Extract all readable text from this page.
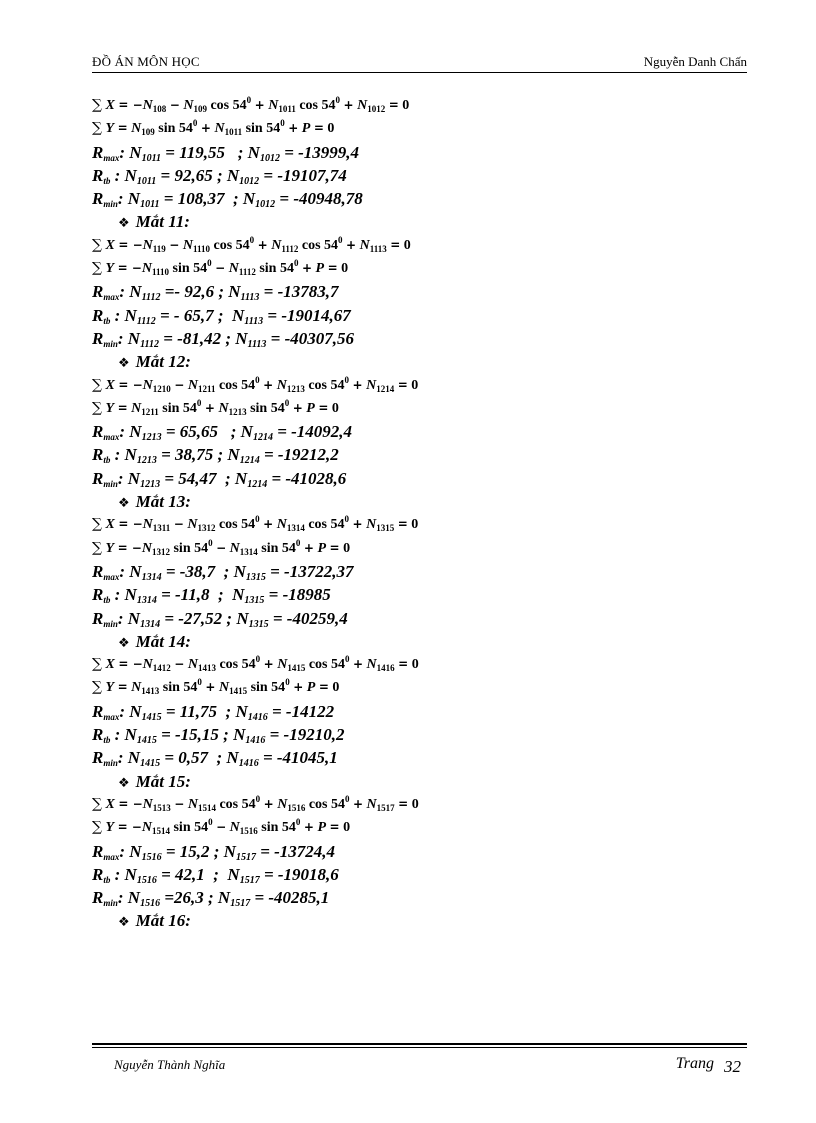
ĐỒ ÁN MÔN HỌC	Nguyễn Danh Chấn
∑ $X = -N_{108} - N_{109}$ $\cos 54^0 + N_{1011}$ $\cos 54^0 + N_{1012} = 0$
∑ $Y = N_{109}$ $\sin 54^0 + N_{1011}$ $\sin 54^0 + P = 0$
$R_{max}$: $N_{1011} = 119,55$   ; $N_{1012} = -13999,4$
$R_{tb}$ : $N_{1011} = 92,65$ ; $N_{1012} = -19107,74$
$R_{min}$: $N_{1011} = 108,37$  ; $N_{1012} = -40948,78$
❖ Mắt 11:
∑ $X = -N_{119} - N_{1110}$ $\cos 54^0 + N_{1112}$ $\cos 54^0 + N_{1113} = 0$
∑ $Y = -N_{1110}$ $\sin 54^0 - N_{1112}$ $\sin 54^0 + P = 0$
$R_{max}$: $N_{1112} =- 92,6$ ; $N_{1113} = -13783,7$
$R_{tb}$ : $N_{1112}$ = - 65,7 ;  $N_{1113} = -19014,67$
$R_{min}$: $N_{1112} = -81,42$ ; $N_{1113} = -40307,56$
❖ Mắt 12:
∑ $X = -N_{1210} - N_{1211}$ $\cos 54^0 + N_{1213}$ $\cos 54^0 + N_{1214} = 0$
∑ $Y = N_{1211}$ $\sin 54^0 + N_{1213}$ $\sin 54^0 + P = 0$
$R_{max}$: $N_{1213} = 65,65$   ; $N_{1214} = -14092,4$
$R_{tb}$ : $N_{1213} = 38,75$ ; $N_{1214} = -19212,2$
$R_{min}$: $N_{1213} = 54,47$  ; $N_{1214} = -41028,6$
❖ Mắt 13:
∑ $X = -N_{1311} - N_{1312}$ $\cos 54^0 + N_{1314}$ $\cos 54^0 + N_{1315} = 0$
∑ $Y = -N_{1312}$ $\sin 54^0 - N_{1314}$ $\sin 54^0 + P = 0$
$R_{max}$: $N_{1314} = -38,7$  ; $N_{1315} = -13722,37$
$R_{tb}$ : $N_{1314} = -11,8$  ;  $N_{1315} = -18985$
$R_{min}$: $N_{1314} = -27,52$ ; $N_{1315} = -40259,4$
❖ Mắt 14:
∑ $X = -N_{1412} - N_{1413}$ $\cos 54^0 + N_{1415}$ $\cos 54^0 + N_{1416} = 0$
∑ $Y = N_{1413}$ $\sin 54^0 + N_{1415}$ $\sin 54^0 + P = 0$
$R_{max}$: $N_{1415} = 11,75$  ; $N_{1416} = -14122$
$R_{tb}$ : $N_{1415} = -15,15$ ; $N_{1416} = -19210,2$
$R_{min}$: $N_{1415} = 0,57$  ; $N_{1416} = -41045,1$
❖ Mắt 15:
∑ $X = -N_{1513} - N_{1514}$ $\cos 54^0 + N_{1516}$ $\cos 54^0 + N_{1517} = 0$
∑ $Y = -N_{1514}$ $\sin 54^0 - N_{1516}$ $\sin 54^0 + P = 0$
$R_{max}$: $N_{1516} = 15,2$ ; $N_{1517} = -13724,4$
$R_{tb}$ : $N_{1516} = 42,1$  ;  $N_{1517} = -19018,6$
$R_{min}$: $N_{1516} =26,3$ ; $N_{1517} = -40285,1$
❖ Mắt 16:
Nguyễn Thành Nghĩa	Trang 32
